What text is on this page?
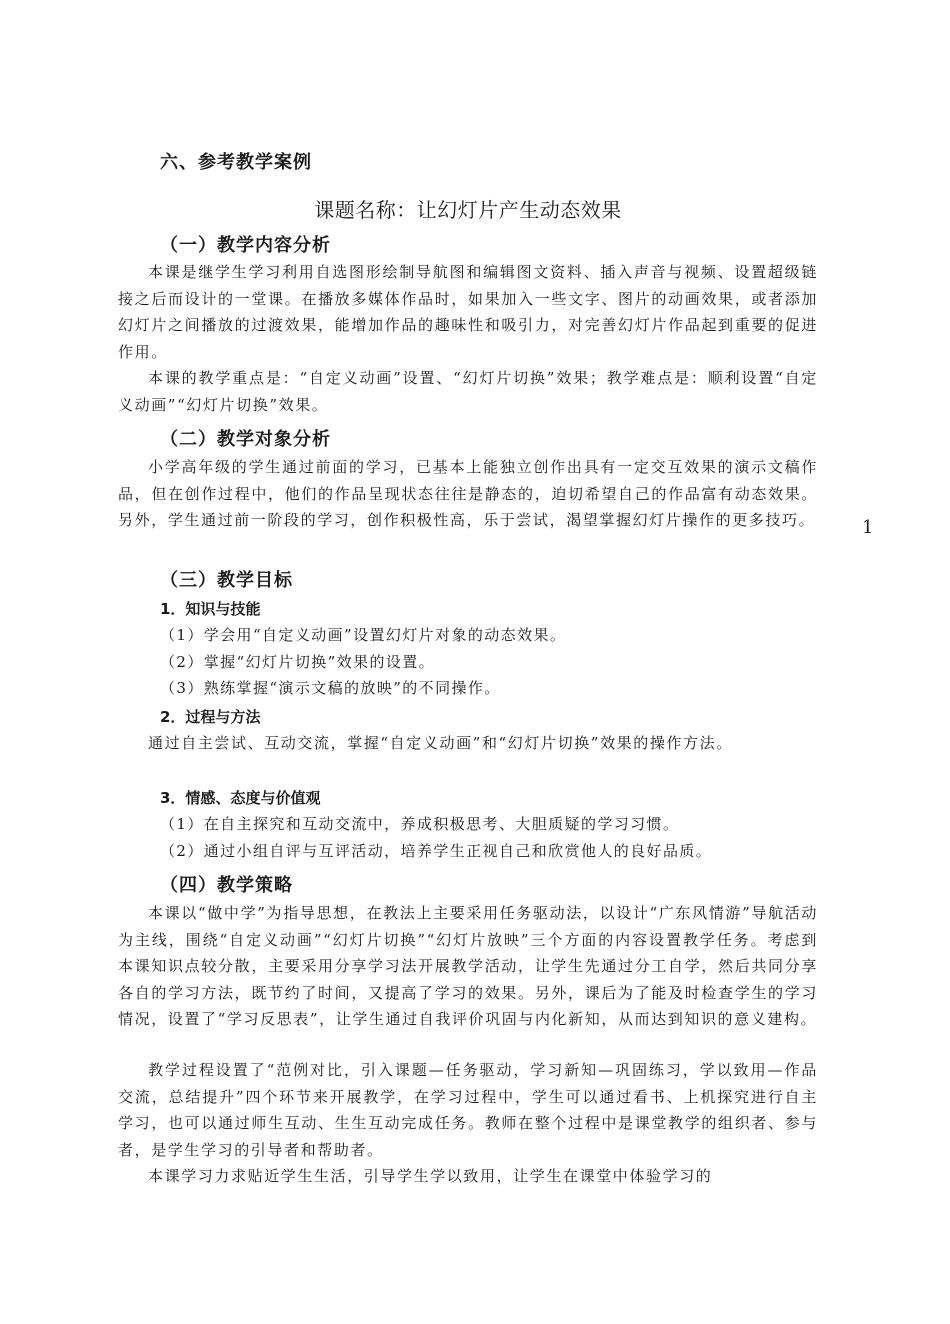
六、参考教学案例
课题名称：让幻灯片产生动态效果
（一）教学内容分析

本课是继学生学习利用自选图形绘制导航图和编辑图文资料、插入声音与视频、设置超级链接之后而设计的一堂课。在播放多媒体作品时，如果加入一些文字、图片的动画效果，或者添加幻灯片之间播放的过渡效果，能增加作品的趣味性和吸引力，对完善幻灯片作品起到重要的促进作用。

本课的教学重点是：“自定义动画”设置、“幻灯片切换”效果；教学难点是：顺利设置“自定义动画”“幻灯片切换”效果。

（二）教学对象分析

小学高年级的学生通过前面的学习，已基本上能独立创作出具有一定交互效果的演示文稿作品，但在创作过程中，他们的作品呈现状态往往是静态的，迫切希望自己的作品富有动态效果。另外，学生通过前一阶段的学习，创作积极性高，乐于尝试，渴望掌握幻灯片操作的更多技巧。

（三）教学目标
1．知识与技能

（1）学会用“自定义动画”设置幻灯片对象的动态效果。

（2）掌握“幻灯片切换”效果的设置。

（3）熟练掌握“演示文稿的放映”的不同操作。

2．过程与方法

通过自主尝试、互动交流，掌握“自定义动画”和“幻灯片切换”效果的操作方法。

3．情感、态度与价值观

（1）在自主探究和互动交流中，养成积极思考、大胆质疑的学习习惯。

（2）通过小组自评与互评活动，培养学生正视自己和欣赏他人的良好品质。

（四）教学策略

本课以“做中学”为指导思想，在教法上主要采用任务驱动法，以设计“广东风情游”导航活动为主线，围绕“自定义动画”“幻灯片切换”“幻灯片放映”三个方面的内容设置教学任务。考虑到本课知识点较分散，主要采用分享学习法开展教学活动，让学生先通过分工自学，然后共同分享各自的学习方法，既节约了时间，又提高了学习的效果。另外，课后为了能及时检查学生的学习情况，设置了“学习反思表”，让学生通过自我评价巩固与内化新知，从而达到知识的意义建构。

教学过程设置了“范例对比，引入课题—任务驱动，学习新知—巩固练习，学以致用—作品交流，总结提升”四个环节来开展教学，在学习过程中，学生可以通过看书、上机探究进行自主学习，也可以通过师生互动、生生互动完成任务。教师在整个过程中是课堂教学的组织者、参与者，是学生学习的引导者和帮助者。

本课学习力求贴近学生生活，引导学生学以致用，让学生在课堂中体验学习的

1
